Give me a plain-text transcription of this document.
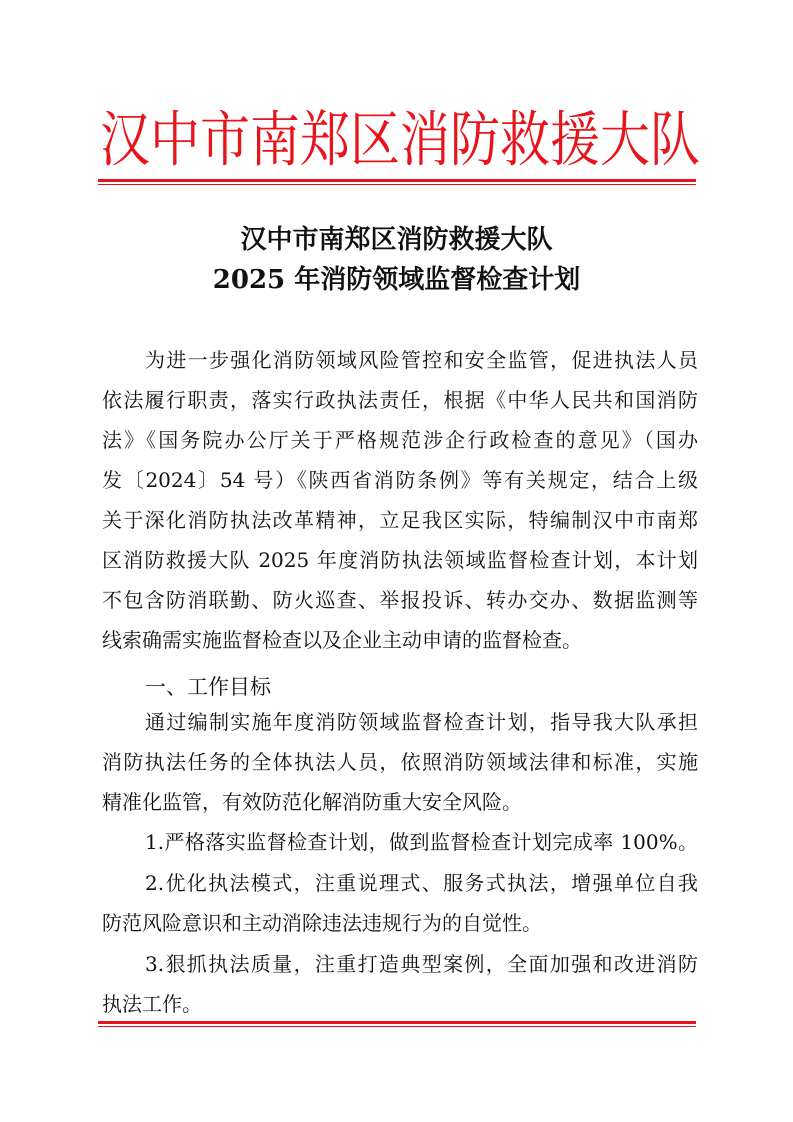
汉 中 市 南 郑 区 消 防 救 援 大 队
汉中市南郑区消防救援大队
2025 年消防领域监督检查计划
为进一步强化消防领域风险管控和安全监管，促进执法人员
依法履行职责，落实行政执法责任，根据《中华人民共和国消防
法》《国务院办公厅关于严格规范涉企行政检查的意见》（国办
发〔2024〕54 号）《陕西省消防条例》等有关规定，结合上级
关于深化消防执法改革精神，立足我区实际，特编制汉中市南郑
区消防救援大队 2025 年度消防执法领域监督检查计划，本计划
不包含防消联勤、防火巡查、举报投诉、转办交办、数据监测等
线索确需实施监督检查以及企业主动申请的监督检查。
一、工作目标
通过编制实施年度消防领域监督检查计划，指导我大队承担
消防执法任务的全体执法人员，依照消防领域法律和标准，实施
精准化监管，有效防范化解消防重大安全风险。
1.严格落实监督检查计划，做到监督检查计划完成率 100%。
2.优化执法模式，注重说理式、服务式执法，增强单位自我
防范风险意识和主动消除违法违规行为的自觉性。
3.狠抓执法质量，注重打造典型案例，全面加强和改进消防
执法工作。
